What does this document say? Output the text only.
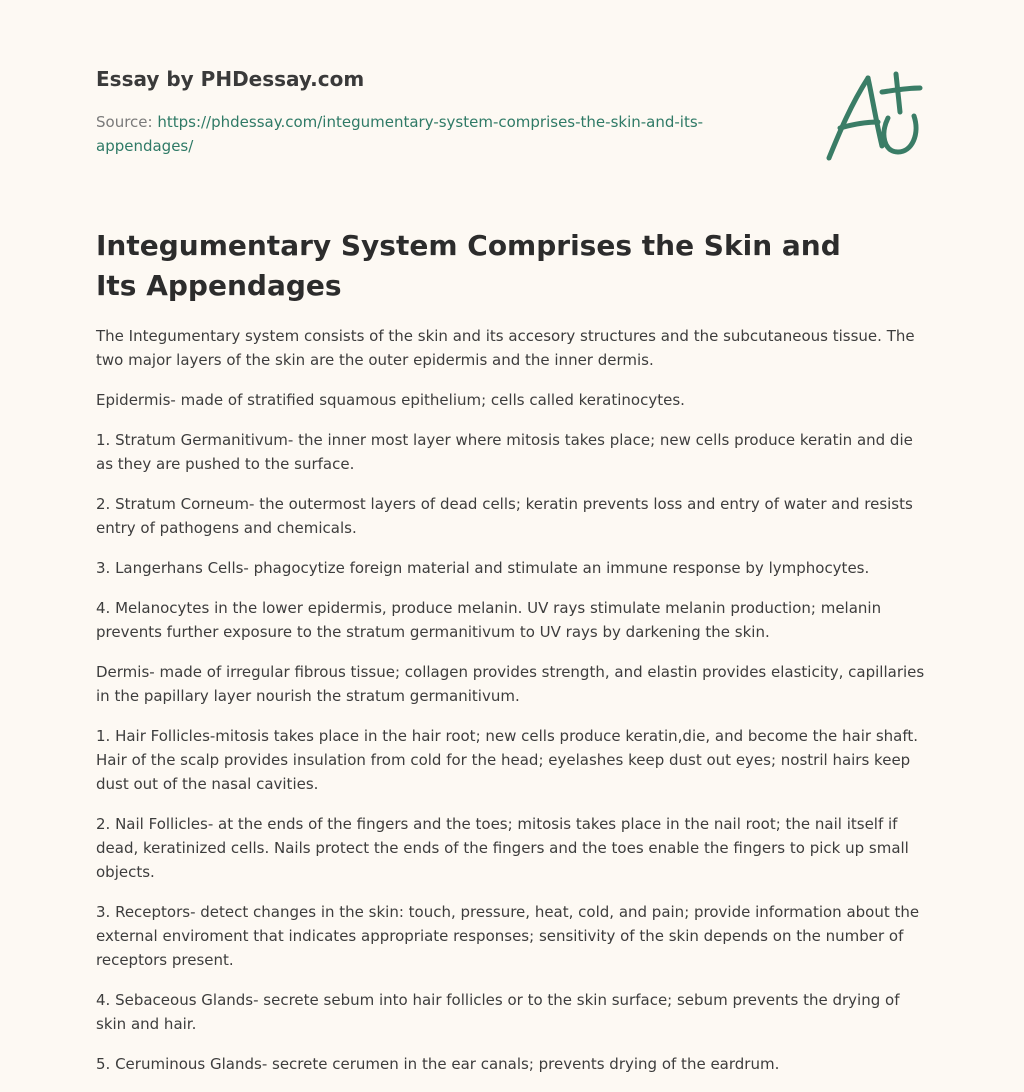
Essay by PHDessay.com
Source: https://phdessay.com/integumentary-system-comprises-the-skin-and-its-appendages/
Integumentary System Comprises the Skin and Its Appendages

The Integumentary system consists of the skin and its accesory structures and the subcutaneous tissue. The two major layers of the skin are the outer epidermis and the inner dermis.

Epidermis- made of stratified squamous epithelium; cells called keratinocytes.

1. Stratum Germanitivum- the inner most layer where mitosis takes place; new cells produce keratin and die as they are pushed to the surface.

2. Stratum Corneum- the outermost layers of dead cells; keratin prevents loss and entry of water and resists entry of pathogens and chemicals.

3. Langerhans Cells- phagocytize foreign material and stimulate an immune response by lymphocytes.

4. Melanocytes in the lower epidermis, produce melanin. UV rays stimulate melanin production; melanin prevents further exposure to the stratum germanitivum to UV rays by darkening the skin.

Dermis- made of irregular fibrous tissue; collagen provides strength, and elastin provides elasticity, capillaries in the papillary layer nourish the stratum germanitivum.

1. Hair Follicles-mitosis takes place in the hair root; new cells produce keratin,die, and become the hair shaft. Hair of the scalp provides insulation from cold for the head; eyelashes keep dust out eyes; nostril hairs keep dust out of the nasal cavities.

2. Nail Follicles- at the ends of the fingers and the toes; mitosis takes place in the nail root; the nail itself if dead, keratinized cells. Nails protect the ends of the fingers and the toes enable the fingers to pick up small objects.

3. Receptors- detect changes in the skin: touch, pressure, heat, cold, and pain; provide information about the external enviroment that indicates appropriate responses; sensitivity of the skin depends on the number of receptors present.

4. Sebaceous Glands- secrete sebum into hair follicles or to the skin surface; sebum prevents the drying of skin and hair.

5. Ceruminous Glands- secrete cerumen in the ear canals; prevents drying of the eardrum.
